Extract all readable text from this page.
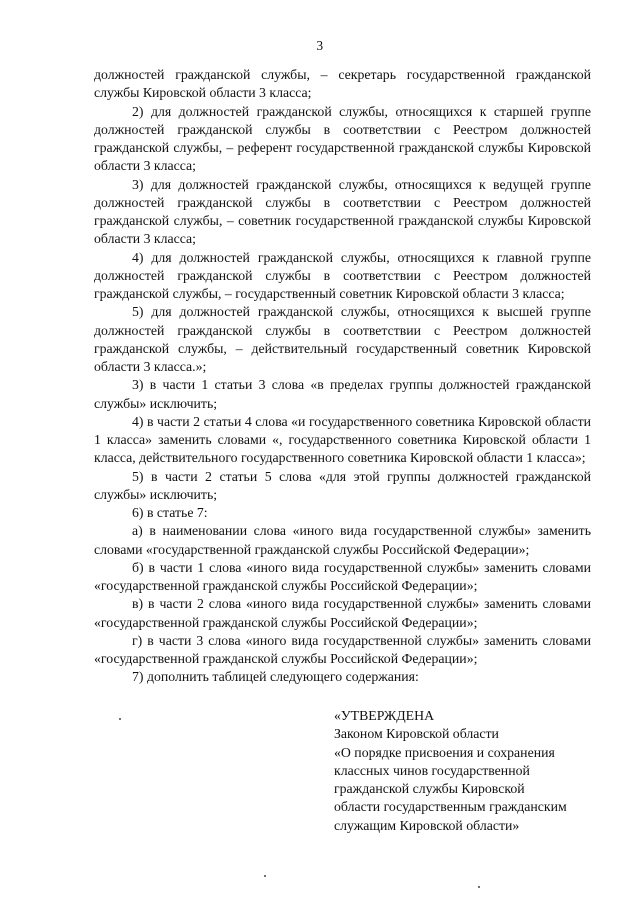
3

должностей гражданской службы, – секретарь государственной гражданской службы Кировской области 3 класса;

2) для должностей гражданской службы, относящихся к старшей группе должностей гражданской службы в соответствии с Реестром должностей гражданской службы, – референт государственной гражданской службы Кировской области 3 класса;

3) для должностей гражданской службы, относящихся к ведущей группе должностей гражданской службы в соответствии с Реестром должностей гражданской службы, – советник государственной гражданской службы Кировской области 3 класса;

4) для должностей гражданской службы, относящихся к главной группе должностей гражданской службы в соответствии с Реестром должностей гражданской службы, – государственный советник Кировской области 3 класса;

5) для должностей гражданской службы, относящихся к высшей группе должностей гражданской службы в соответствии с Реестром должностей гражданской службы, – действительный государственный советник Кировской области 3 класса.»;

3) в части 1 статьи 3 слова «в пределах группы должностей гражданской службы» исключить;

4) в части 2 статьи 4 слова «и государственного советника Кировской области 1 класса» заменить словами «, государственного советника Кировской области 1 класса, действительного государственного советника Кировской области 1 класса»;

5) в части 2 статьи 5 слова «для этой группы должностей гражданской службы» исключить;

6) в статье 7:

а) в наименовании слова «иного вида государственной службы» заменить словами «государственной гражданской службы Российской Федерации»;

б) в части 1 слова «иного вида государственной службы» заменить словами «государственной гражданской службы Российской Федерации»;

в) в части 2 слова «иного вида государственной службы» заменить словами «государственной гражданской службы Российской Федерации»;

г) в части 3 слова «иного вида государственной службы» заменить словами «государственной гражданской службы Российской Федерации»;

7) дополнить таблицей следующего содержания:

«УТВЕРЖДЕНА

Законом Кировской области

«О порядке присвоения и сохранения

классных чинов государственной

гражданской службы Кировской

области государственным гражданским

служащим Кировской области»
